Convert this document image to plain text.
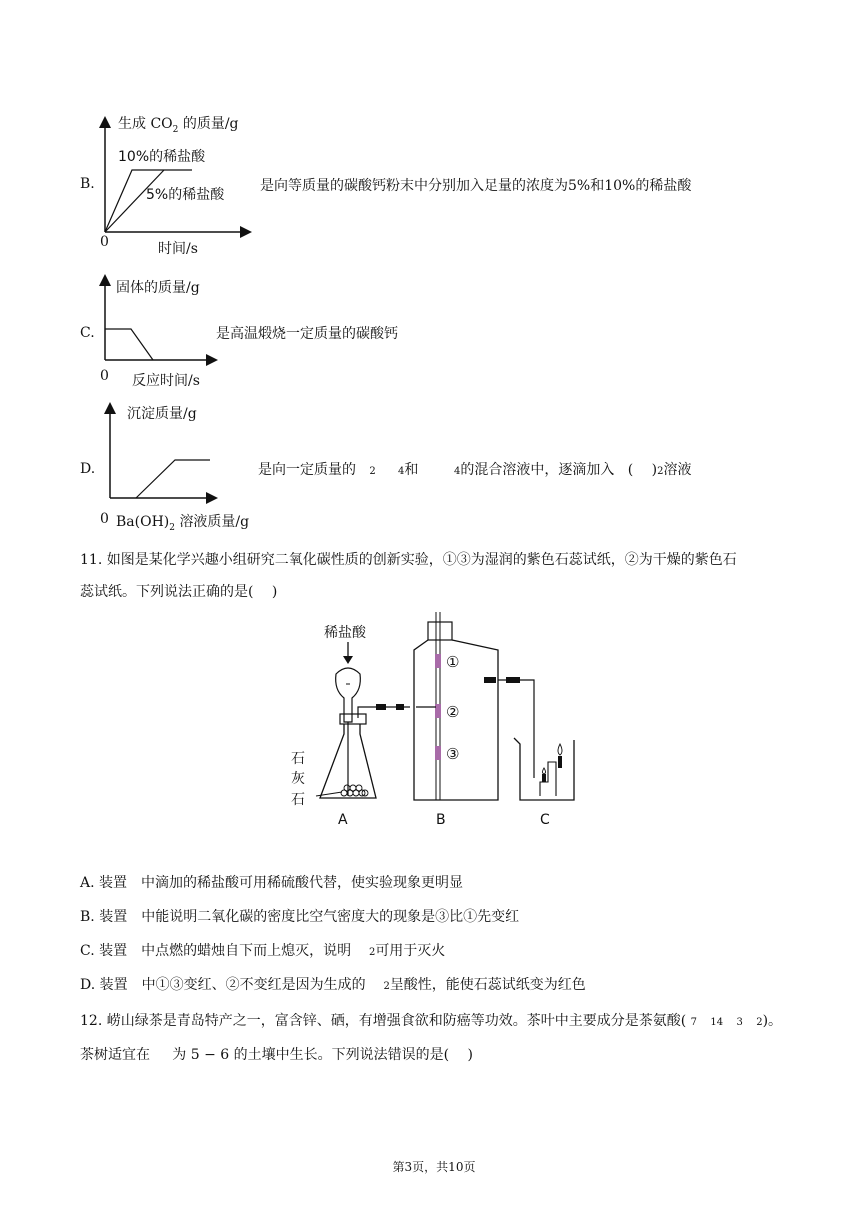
B.
生成 $CO_2$ 的质量/g
10%的稀盐酸
5%的稀盐酸
0	时间/s
是向等质量的碳酸钙粉末中分别加入足量的浓度为5%和10%的稀盐酸
C.
固体的质量/g
0 反应时间/s
是高温煅烧一定质量的碳酸钙
D.
沉淀质量/g
0 $Ba(OH)_2$ 溶液质量/g
是向一定质量的 2 4和	4的混合溶液中，逐滴加入 (　 )2溶液
11. 如图是某化学兴趣小组研究二氧化碳性质的创新实验，①③为湿润的紫色石蕊试纸，②为干燥的紫色石
蕊试纸。下列说法正确的是(　 )
①
②
③
A	B	C
稀盐酸
石
灰
石
A. 装置　中滴加的稀盐酸可用稀硫酸代替，使实验现象更明显
B. 装置　中能说明二氧化碳的密度比空气密度大的现象是③比①先变红
C. 装置　中点燃的蜡烛自下而上熄灭，说明 2可用于灭火
D. 装置　中①③变红、②不变红是因为生成的 2呈酸性，能使石蕊试纸变为红色
12. 崂山绿茶是青岛特产之一，富含锌、硒，有增强食欲和防癌等功效。茶叶中主要成分是茶氨酸( 7 14 3 2)。
茶树适宜在 为 5 − 6 的土壤中生长。下列说法错误的是(　 )
第3页，共10页
